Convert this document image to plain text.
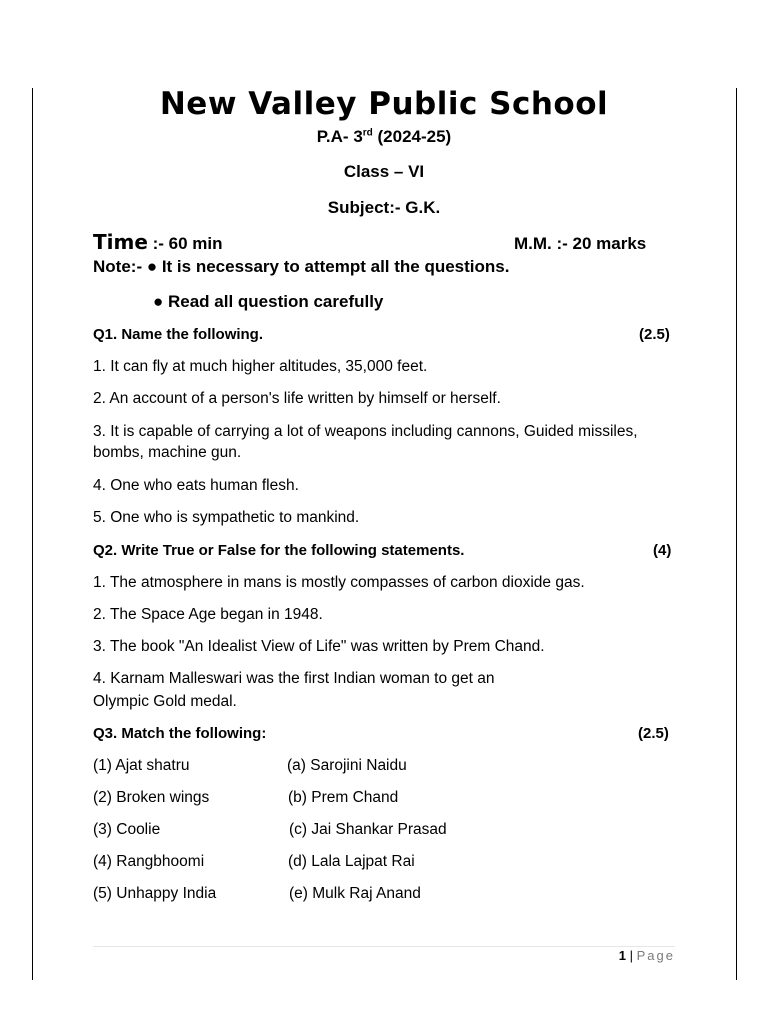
New Valley Public School
P.A- 3rd (2024-25)
Class – VI
Subject:- G.K.
Time :- 60 min	M.M. :- 20 marks
Note:- ● It is necessary to attempt all the questions.
● Read all question carefully
Q1. Name the following.	(2.5)
1. It can fly at much higher altitudes, 35,000 feet.
2. An account of a person's life written by himself or herself.
3. It is capable of carrying a lot of weapons including cannons, Guided missiles,
bombs, machine gun.
4. One who eats human flesh.
5. One who is sympathetic to mankind.
Q2. Write True or False for the following statements.	(4)
1. The atmosphere in mans is mostly compasses of carbon dioxide gas.
2. The Space Age began in 1948.
3. The book "An Idealist View of Life" was written by Prem Chand.
4. Karnam Malleswari was the first Indian woman to get an
Olympic Gold medal.
Q3. Match the following:	(2.5)
(1) Ajat shatru	(a) Sarojini Naidu
(2) Broken wings	(b) Prem Chand
(3) Coolie	(c) Jai Shankar Prasad
(4) Rangbhoomi	(d) Lala Lajpat Rai
(5) Unhappy India	(e) Mulk Raj Anand
1 | Page
